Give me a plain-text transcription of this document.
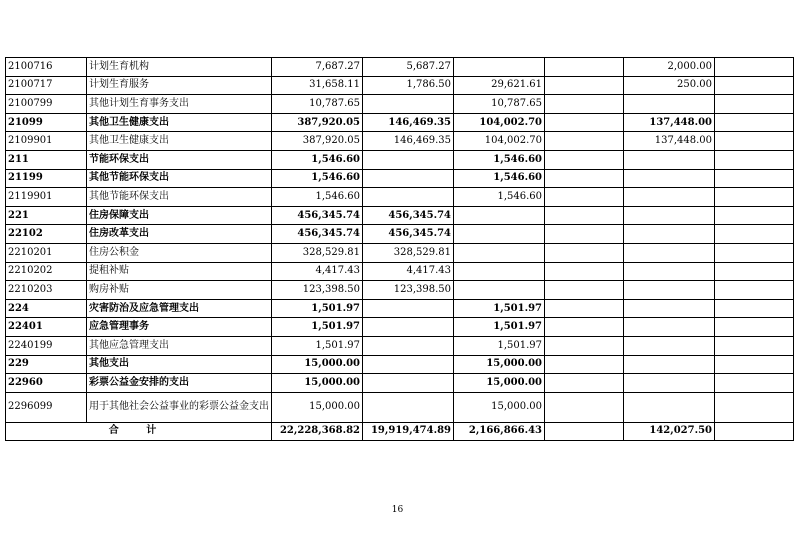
2100716	计划生育机构	7,687.27	5,687.27			2,000.00	
2100717	计划生育服务	31,658.11	1,786.50	29,621.61		250.00	
2100799	其他计划生育事务支出	10,787.65		10,787.65			
21099	其他卫生健康支出	387,920.05	146,469.35	104,002.70		137,448.00	
2109901	其他卫生健康支出	387,920.05	146,469.35	104,002.70		137,448.00	
211	节能环保支出	1,546.60		1,546.60			
21199	其他节能环保支出	1,546.60		1,546.60			
2119901	其他节能环保支出	1,546.60		1,546.60			
221	住房保障支出	456,345.74	456,345.74				
22102	住房改革支出	456,345.74	456,345.74				
2210201	住房公积金	328,529.81	328,529.81				
2210202	提租补贴	4,417.43	4,417.43				
2210203	购房补贴	123,398.50	123,398.50				
224	灾害防治及应急管理支出	1,501.97		1,501.97			
22401	应急管理事务	1,501.97		1,501.97			
2240199	其他应急管理支出	1,501.97		1,501.97			
229	其他支出	15,000.00		15,000.00			
22960	彩票公益金安排的支出	15,000.00		15,000.00			
2296099	用于其他社会公益事业的彩票公益金支出	15,000.00		15,000.00			
合 计		22,228,368.82	19,919,474.89	2,166,866.43		142,027.50	
16
